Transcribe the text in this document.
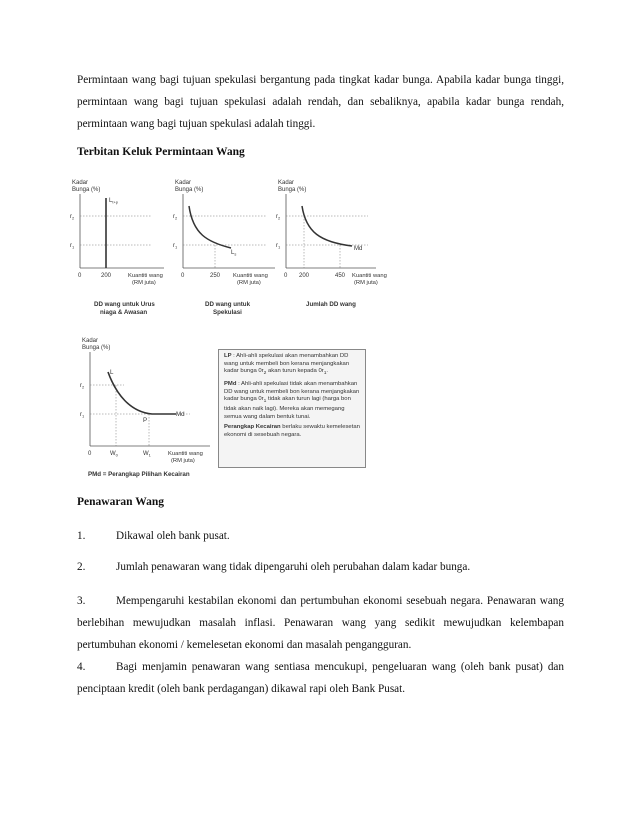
Permintaan wang bagi tujuan spekulasi bergantung pada tingkat kadar bunga. Apabila kadar bunga tinggi, permintaan wang bagi tujuan spekulasi adalah rendah, dan sebaliknya, apabila kadar bunga rendah, permintaan wang bagi tujuan spekulasi adalah tinggi.
Terbitan Keluk Permintaan Wang
Kadar
Bunga (%)
$L_{t+p}$
$r_2$
$r_1$
0	200	Kuantiti wang
(RM juta)
DD wang untuk Urus
niaga & Awasan
Kadar
Bunga (%)
$L_s$
$r_2$
$r_1$
0	250 Kuantiti wang
(RM juta)
DD wang untuk
Spekulasi
Kadar
Bunga (%)
Md
$r_2$
$r_1$
0 200	450 Kuantiti wang
(RM juta)
Jumlah DD wang
Kadar
Bunga (%)
L
P
Md
$r_2$
$r_1$
0	$W_0$	$W_1$	Kuantiti wang
(RM juta)
PMd = Perangkap Pilihan Kecairan

LP : Ahli-ahli spekulasi akan menambahkan DD wang untuk membeli bon kerana menjangkakan kadar bunga $0r_2$ akan turun kepada $0r_1$.

PMd : Ahli-ahli spekulasi tidak akan menambahkan DD wang untuk membeli bon kerana menjangkakan kadar bunga $0r_1$ tidak akan turun lagi (harga bon tidak akan naik lagi). Mereka akan memegang semua wang dalam bentuk tunai.

Perangkap Kecairan berlaku sewaktu kemelesetan ekonomi di sesebuah negara.

Penawaran Wang
1.	Dikawal oleh bank pusat.
2.	Jumlah penawaran wang tidak dipengaruhi oleh perubahan dalam kadar bunga.
3.	Mempengaruhi kestabilan ekonomi dan pertumbuhan ekonomi sesebuah negara. Penawaran wang berlebihan mewujudkan masalah inflasi. Penawaran wang yang sedikit mewujudkan kelembapan pertumbuhan ekonomi / kemelesetan ekonomi dan masalah pengangguran.
4.	Bagi menjamin penawaran wang sentiasa mencukupi, pengeluaran wang (oleh bank pusat) dan penciptaan kredit (oleh bank perdagangan) dikawal rapi oleh Bank Pusat.
